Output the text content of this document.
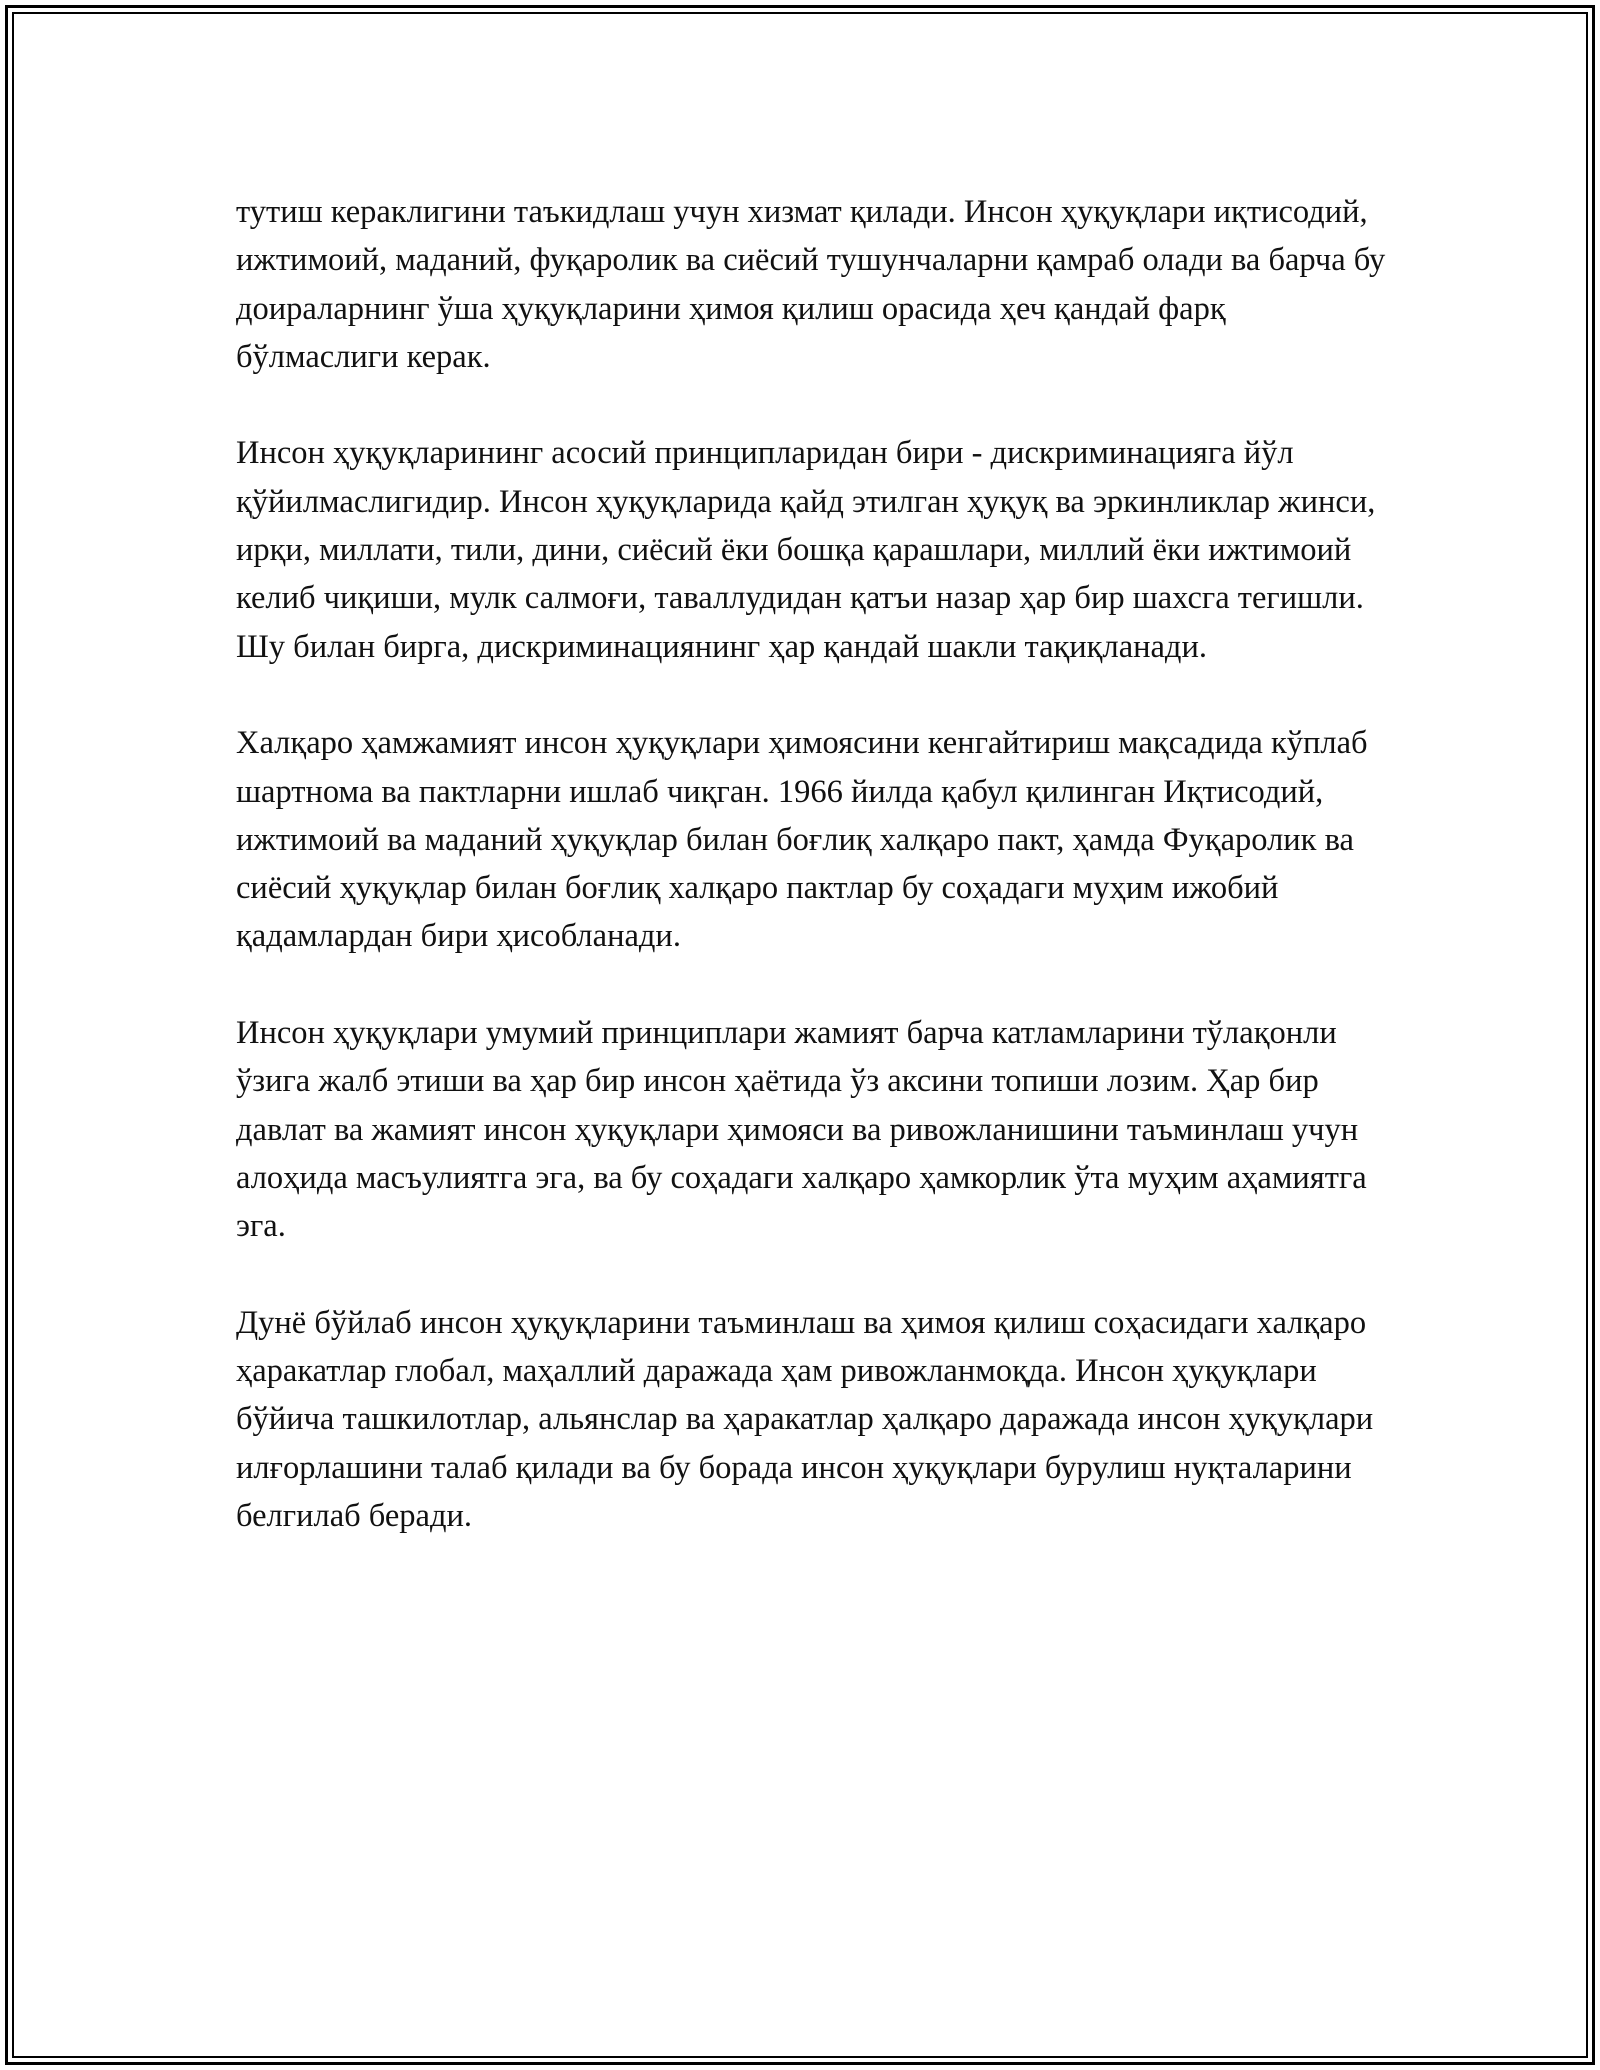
тутиш кераклигини таъкидлаш учун хизмат қилади. Инсон ҳуқуқлари иқтисодий, ижтимоий, маданий, фуқаролик ва сиёсий тушунчаларни қамраб олади ва барча бу доираларнинг ўша ҳуқуқларини ҳимоя қилиш орасида ҳеч қандай фарқ бўлмаслиги керак.

Инсон ҳуқуқларининг асосий принципларидан бири - дискриминацияга йўл қўйилмаслигидир. Инсон ҳуқуқларида қайд этилган ҳуқуқ ва эркинликлар жинси, ирқи, миллати, тили, дини, сиёсий ёки бошқа қарашлари, миллий ёки ижтимоий келиб чиқиши, мулк салмоғи, таваллудидан қатъи назар ҳар бир шахсга тегишли. Шу билан бирга, дискриминациянинг ҳар қандай шакли тақиқланади.

Халқаро ҳамжамият инсон ҳуқуқлари ҳимоясини кенгайтириш мақсадида кўплаб шартнома ва пактларни ишлаб чиқган. 1966 йилда қабул қилинган Иқтисодий, ижтимоий ва маданий ҳуқуқлар билан боғлиқ халқаро пакт, ҳамда Фуқаролик ва сиёсий ҳуқуқлар билан боғлиқ халқаро пактлар бу соҳадаги муҳим ижобий қадамлардан бири ҳисобланади.

Инсон ҳуқуқлари умумий принциплари жамият барча катламларини тўлақонли ўзига жалб этиши ва ҳар бир инсон ҳаётида ўз аксини топиши лозим. Ҳар бир давлат ва жамият инсон ҳуқуқлари ҳимояси ва ривожланишини таъминлаш учун алоҳида масъулиятга эга, ва бу соҳадаги халқаро ҳамкорлик ўта муҳим аҳамиятга эга.

Дунё бўйлаб инсон ҳуқуқларини таъминлаш ва ҳимоя қилиш соҳасидаги халқаро ҳаракатлар глобал, маҳаллий даражада ҳам ривожланмоқда. Инсон ҳуқуқлари бўйича ташкилотлар, альянслар ва ҳаракатлар ҳалқаро даражада инсон ҳуқуқлари илғорлашини талаб қилади ва бу борада инсон ҳуқуқлари бурулиш нуқталарини белгилаб беради.
